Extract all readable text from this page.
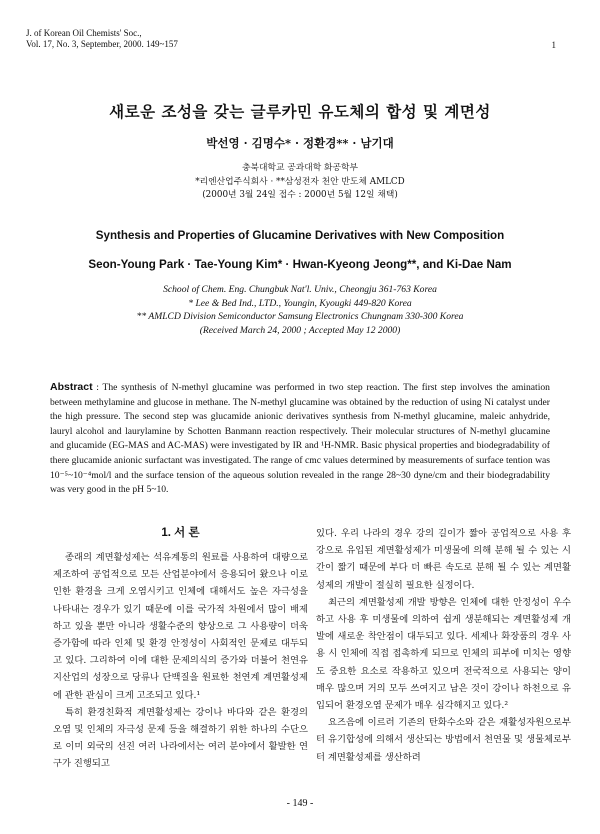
J. of Korean Oil Chemists' Soc.,
Vol. 17, No. 3, September, 2000. 149~157	1
새로운 조성을 갖는 글루카민 유도체의 합성 및 계면성
박선영 · 김명수* · 정환경** · 남기대
충북대학교 공과대학 화공학부
*리엔산업주식회사 · **삼성전자 천안 반도체 AMLCD
(2000년 3월 24일 접수 : 2000년 5월 12일 채택)
Synthesis and Properties of Glucamine Derivatives with New Composition
Seon-Young Park · Tae-Young Kim* · Hwan-Kyeong Jeong**, and Ki-Dae Nam
School of Chem. Eng. Chungbuk Nat'l. Univ., Cheongju 361-763 Korea
* Lee & Bed Ind., LTD., Youngin, Kyougki 449-820 Korea
** AMLCD Division Semiconductor Samsung Electronics Chungnam 330-300 Korea
(Received March 24, 2000 ; Accepted May 12 2000)
Abstract : The synthesis of N-methyl glucamine was performed in two step reaction. The first step involves the amination between methylamine and glucose in methane. The N-methyl glucamine was obtained by the reduction of using Ni catalyst under the high pressure. The second step was glucamide anionic derivatives synthesis from N-methyl glucamine, maleic anhydride, lauryl alcohol and laurylamine by Schotten Banmann reaction respectively. Their molecular structures of N-methyl glucamine and glucamide (EG-MAS and AC-MAS) were investigated by IR and ¹H-NMR. Basic physical properties and biodegradability of there glucamide anionic surfactant was investigated. The range of cmc values determined by measurements of surface tention was 10⁻⁵~10⁻⁴mol/l and the surface tension of the aqueous solution revealed in the range 28~30 dyne/cm and their biodegradability was very good in the pH 5~10.
1. 서 론

종래의 계면활성제는 석유계통의 원료를 사용하여 대량으로 제조하여 공업적으로 모든 산업분야에서 응용되어 왔으나 이로 인한 환경을 크게 오염시키고 인체에 대해서도 높은 자극성을 나타내는 경우가 있기 때문에 이를 국가적 차원에서 많이 배제하고 있을 뿐만 아니라 생활수준의 향상으로 그 사용량이 더욱 증가함에 따라 인체 및 환경 안정성이 사회적인 문제로 대두되고 있다. 그리하여 이에 대한 문제의식의 증가와 더불어 천연유지산업의 성장으로 당류나 단백질을 원료한 천연계 계면활성제에 관한 관심이 크게 고조되고 있다.¹

특히 환경친화적 계면활성제는 강이나 바다와 같은 환경의 오염 및 인체의 자극성 문제 등을 해결하기 위한 하나의 수단으로 이미 외국의 선진 여러 나라에서는 여러 분야에서 활발한 연구가 진행되고

있다. 우리 나라의 경우 강의 길이가 짧아 공업적으로 사용 후 강으로 유입된 계면활성제가 미생물에 의해 분해 될 수 있는 시간이 짧기 때문에 부다 더 빠른 속도로 분해 될 수 있는 계면활성제의 개발이 절실히 필요한 실정이다.

최근의 계면활성제 개발 방향은 인체에 대한 안정성이 우수하고 사용 후 미생물에 의하여 쉽게 생분해되는 계면활성제 개발에 새로운 착안점이 대두되고 있다. 세제나 화장품의 경우 사용 시 인체에 직접 접촉하게 되므로 인체의 피부에 미치는 영향도 중요한 요소로 작용하고 있으며 전국적으로 사용되는 양이 매우 많으며 거의 모두 쓰여지고 남은 것이 강이나 하천으로 유입되어 환경오염 문제가 매우 심각해지고 있다.²

요즈음에 이르러 기존의 탄화수소와 같은 재활성자원으로부터 유기합성에 의해서 생산되는 방법에서 천연물 및 생물체로부터 계면활성제를 생산하려

- 149 -
